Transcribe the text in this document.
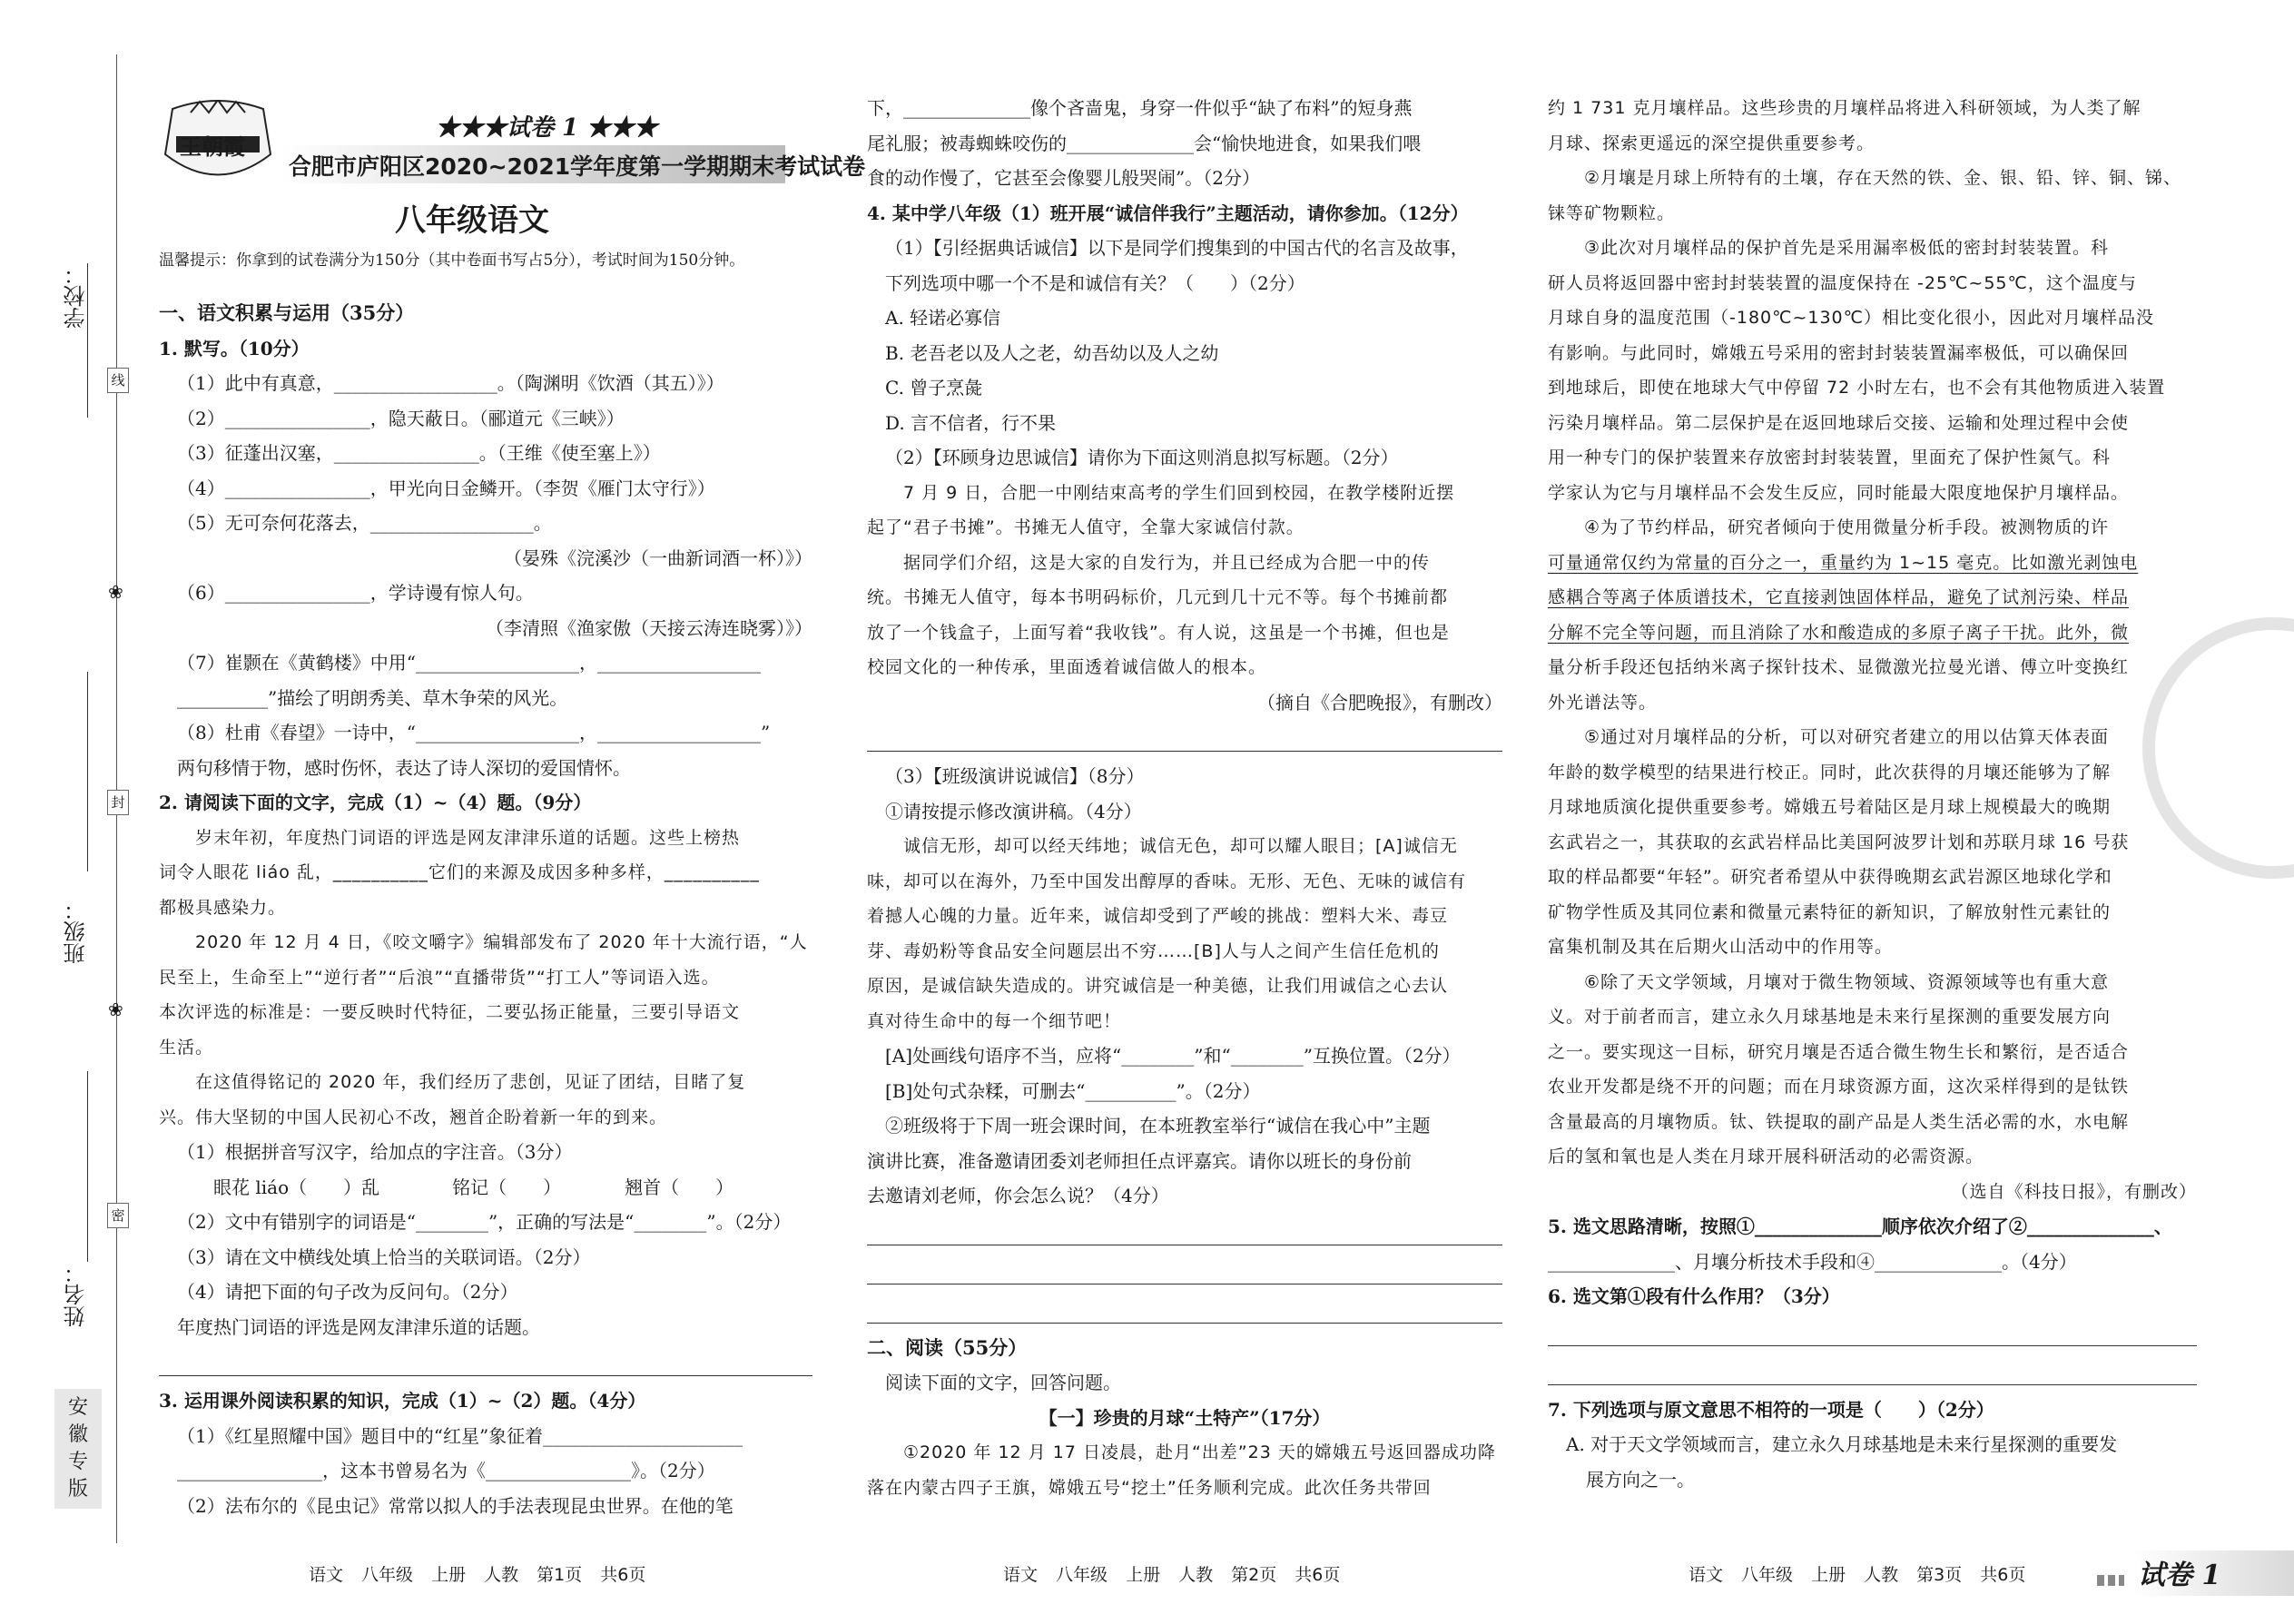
学校：
班级：
姓名：
线
封
密
❀
❀
安
徽
专
版
王朝霞
★★★试卷 1 ★★★
合肥市庐阳区2020~2021学年度第一学期期末考试试卷
八年级语文
温馨提示：你拿到的试卷满分为150分（其中卷面书写占5分），考试时间为150分钟。

一、语文积累与运用（35分）

1. 默写。（10分）

（1）此中有真意，__________________。（陶渊明《饮酒（其五）》）

（2）________________，隐天蔽日。（郦道元《三峡》）

（3）征蓬出汉塞，________________。（王维《使至塞上》）

（4）________________，甲光向日金鳞开。（李贺《雁门太守行》）

（5）无可奈何花落去，__________________。

（晏殊《浣溪沙（一曲新词酒一杯）》）

（6）________________，学诗谩有惊人句。

（李清照《渔家傲（天接云涛连晓雾）》）

（7）崔颢在《黄鹤楼》中用“__________________，__________________

__________”描绘了明朗秀美、草木争荣的风光。

（8）杜甫《春望》一诗中，“__________________，__________________”

两句移情于物，感时伤怀，表达了诗人深切的爱国情怀。

2. 请阅读下面的文字，完成（1）~（4）题。（9分）

岁末年初，年度热门词语的评选是网友津津乐道的话题。这些上榜热

词令人眼花 liáo 乱，__________它们的来源及成因多种多样，__________

都极具感染力。

2020 年 12 月 4 日，《咬文嚼字》编辑部发布了 2020 年十大流行语，“人

民至上，生命至上”“逆行者”“后浪”“直播带货”“打工人”等词语入选。

本次评选的标准是：一要反映时代特征，二要弘扬正能量，三要引导语文

生活。

在这值得铭记的 2020 年，我们经历了悲创，见证了团结，目睹了复

兴。伟大坚韧的中国人民初心不改，翘首企盼着新一年的到来。

（1）根据拼音写汉字，给加点的字注音。（3分）

眼花 liáo（　　）乱　　　　铭记（　　）　　　　翘首（　　）

（2）文中有错别字的词语是“________”，正确的写法是“________”。（2分）

（3）请在文中横线处填上恰当的关联词语。（2分）

（4）请把下面的句子改为反问句。（2分）

年度热门词语的评选是网友津津乐道的话题。

3. 运用课外阅读积累的知识，完成（1）~（2）题。（4分）

（1）《红星照耀中国》题目中的“红星”象征着______________________

________________，这本书曾易名为《________________》。（2分）

（2）法布尔的《昆虫记》常常以拟人的手法表现昆虫世界。在他的笔

下，______________像个吝啬鬼，身穿一件似乎“缺了布料”的短身燕

尾礼服；被毒蜘蛛咬伤的______________会“愉快地进食，如果我们喂

食的动作慢了，它甚至会像婴儿般哭闹”。（2分）

4. 某中学八年级（1）班开展“诚信伴我行”主题活动，请你参加。（12分）

（1）【引经据典话诚信】以下是同学们搜集到的中国古代的名言及故事，

下列选项中哪一个不是和诚信有关？（　　）（2分）

A. 轻诺必寡信

B. 老吾老以及人之老，幼吾幼以及人之幼

C. 曾子烹彘

D. 言不信者，行不果

（2）【环顾身边思诚信】请你为下面这则消息拟写标题。（2分）

7 月 9 日，合肥一中刚结束高考的学生们回到校园，在教学楼附近摆

起了“君子书摊”。书摊无人值守，全靠大家诚信付款。

据同学们介绍，这是大家的自发行为，并且已经成为合肥一中的传

统。书摊无人值守，每本书明码标价，几元到几十元不等。每个书摊前都

放了一个钱盒子，上面写着“我收钱”。有人说，这虽是一个书摊，但也是

校园文化的一种传承，里面透着诚信做人的根本。

（摘自《合肥晚报》，有删改）

（3）【班级演讲说诚信】（8分）

①请按提示修改演讲稿。（4分）

诚信无形，却可以经天纬地；诚信无色，却可以耀人眼目；[A]诚信无

味，却可以在海外，乃至中国发出醇厚的香味。无形、无色、无味的诚信有

着撼人心魄的力量。近年来，诚信却受到了严峻的挑战：塑料大米、毒豆

芽、毒奶粉等食品安全问题层出不穷……[B]人与人之间产生信任危机的

原因，是诚信缺失造成的。讲究诚信是一种美德，让我们用诚信之心去认

真对待生命中的每一个细节吧！

[A]处画线句语序不当，应将“________”和“________”互换位置。（2分）

[B]处句式杂糅，可删去“__________”。（2分）

②班级将于下周一班会课时间，在本班教室举行“诚信在我心中”主题

演讲比赛，准备邀请团委刘老师担任点评嘉宾。请你以班长的身份前

去邀请刘老师，你会怎么说？（4分）

二、阅读（55分）

阅读下面的文字，回答问题。

【一】珍贵的月球“土特产”（17分）

①2020 年 12 月 17 日凌晨，赴月“出差”23 天的嫦娥五号返回器成功降

落在内蒙古四子王旗，嫦娥五号“挖土”任务顺利完成。此次任务共带回

约 1 731 克月壤样品。这些珍贵的月壤样品将进入科研领域，为人类了解

月球、探索更遥远的深空提供重要参考。

②月壤是月球上所特有的土壤，存在天然的铁、金、银、铅、锌、铜、锑、

铼等矿物颗粒。

③此次对月壤样品的保护首先是采用漏率极低的密封封装装置。科

研人员将返回器中密封封装装置的温度保持在 -25℃~55℃，这个温度与

月球自身的温度范围（-180℃~130℃）相比变化很小，因此对月壤样品没

有影响。与此同时，嫦娥五号采用的密封封装装置漏率极低，可以确保回

到地球后，即使在地球大气中停留 72 小时左右，也不会有其他物质进入装置

污染月壤样品。第二层保护是在返回地球后交接、运输和处理过程中会使

用一种专门的保护装置来存放密封封装装置，里面充了保护性氮气。科

学家认为它与月壤样品不会发生反应，同时能最大限度地保护月壤样品。

④为了节约样品，研究者倾向于使用微量分析手段。被测物质的许

可量通常仅约为常量的百分之一，重量约为 1~15 毫克。比如激光剥蚀电

感耦合等离子体质谱技术，它直接剥蚀固体样品，避免了试剂污染、样品

分解不完全等问题，而且消除了水和酸造成的多原子离子干扰。此外，微

量分析手段还包括纳米离子探针技术、显微激光拉曼光谱、傅立叶变换红

外光谱法等。

⑤通过对月壤样品的分析，可以对研究者建立的用以估算天体表面

年龄的数学模型的结果进行校正。同时，此次获得的月壤还能够为了解

月球地质演化提供重要参考。嫦娥五号着陆区是月球上规模最大的晚期

玄武岩之一，其获取的玄武岩样品比美国阿波罗计划和苏联月球 16 号获

取的样品都要“年轻”。研究者希望从中获得晚期玄武岩源区地球化学和

矿物学性质及其同位素和微量元素特征的新知识，了解放射性元素钍的

富集机制及其在后期火山活动中的作用等。

⑥除了天文学领域，月壤对于微生物领域、资源领域等也有重大意

义。对于前者而言，建立永久月球基地是未来行星探测的重要发展方向

之一。要实现这一目标，研究月壤是否适合微生物生长和繁衍，是否适合

农业开发都是绕不开的问题；而在月球资源方面，这次采样得到的是钛铁

含量最高的月壤物质。钛、铁提取的副产品是人类生活必需的水，水电解

后的氢和氧也是人类在月球开展科研活动的必需资源。

（选自《科技日报》，有删改）

5. 选文思路清晰，按照①______________顺序依次介绍了②______________、

______________、月壤分析技术手段和④______________。（4分）

6. 选文第①段有什么作用？（3分）

7. 下列选项与原文意思不相符的一项是（　　）（2分）

A. 对于天文学领域而言，建立永久月球基地是未来行星探测的重要发

展方向之一。

语文 八年级 上册 人教 第1页 共6页	语文 八年级 上册 人教 第2页 共6页	语文 八年级 上册 人教 第3页 共6页	试卷 1
